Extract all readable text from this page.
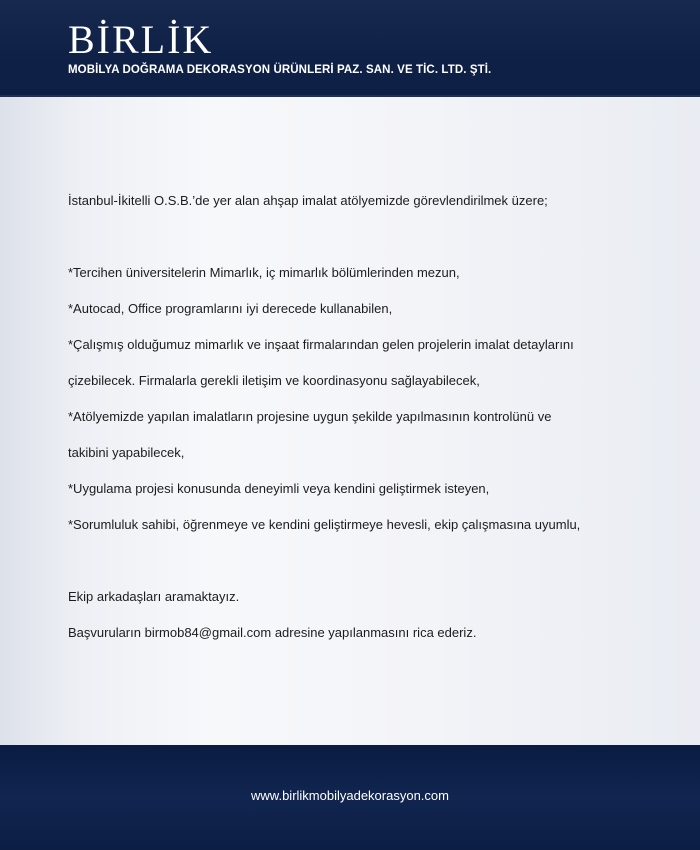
BİRLİK
MOBİLYA DOĞRAMA DEKORASYON ÜRÜNLERİ PAZ. SAN. VE TİC. LTD. ŞTİ.
İstanbul-İkitelli O.S.B.’de yer alan ahşap imalat atölyemizde görevlendirilmek üzere;
*Tercihen üniversitelerin Mimarlık, iç mimarlık bölümlerinden mezun,
*Autocad, Office programlarını iyi derecede kullanabilen,
*Çalışmış olduğumuz mimarlık ve inşaat firmalarından gelen projelerin imalat detaylarını
çizebilecek. Firmalarla gerekli iletişim ve koordinasyonu sağlayabilecek,
*Atölyemizde yapılan imalatların projesine uygun şekilde yapılmasının kontrolünü ve
takibini yapabilecek,
*Uygulama projesi konusunda deneyimli veya kendini geliştirmek isteyen,
*Sorumluluk sahibi, öğrenmeye ve kendini geliştirmeye hevesli, ekip çalışmasına uyumlu,
Ekip arkadaşları aramaktayız.
Başvuruların birmob84@gmail.com adresine yapılanmasını rica ederiz.
www.birlikmobilyadekorasyon.com
